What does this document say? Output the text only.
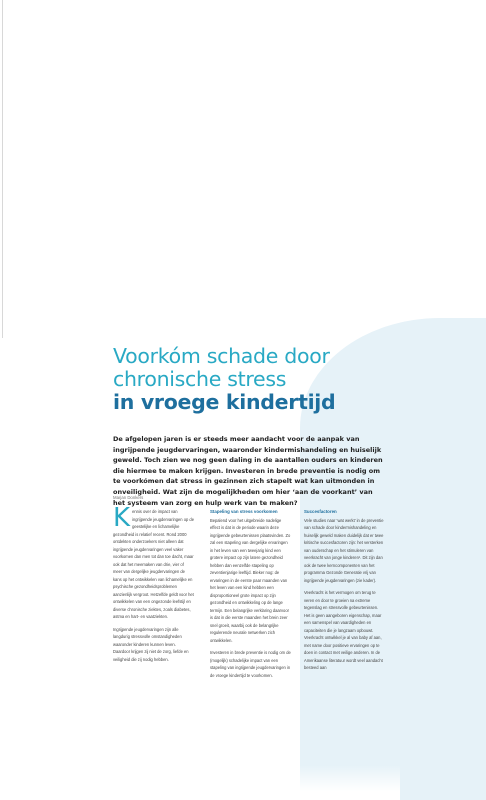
Voorkóm schade door
chronische stress
in vroege kindertijd

De afgelopen jaren is er steeds meer aandacht voor de aanpak van ingrijpende jeugdervaringen, waaronder kindermishandeling en huiselijk geweld. Toch zien we nog geen daling in de aantallen ouders en kinderen die hiermee te maken krijgen. Investeren in brede preventie is nodig om te voorkómen dat stress in gezinnen zich stapelt wat kan uitmonden in onveiligheid. Wat zijn de mogelijkheden om hier ‘aan de voorkant’ van het systeem van zorg en hulp werk van te maken?

Marjan Donkers

Kennis over de impact van ingrijpende jeugdervaringen op de geestelijke en lichamelijke gezondheid is relatief recent. Rond 2000 ontdekten onderzoekers niet alleen dat ingrijpende jeugdervaringen veel vaker voorkomen dan men tot dan toe dacht, maar ook dat het meemaken van drie, vier of meer van dergelijke jeugdervaringen de kans op het ontwikkelen van lichamelijke en psychische gezondheidsproblemen aanzienlijk vergroot. Hetzelfde geldt voor het ontwikkelen van een ongezonde leefstijl en diverse chronische ziektes, zoals diabetes, astma en hart- en vaatziekten.

Ingrijpende jeugdervaringen zijn alle langdurig stressvolle omstandigheden waaronder kinderen kunnen leven. Daardoor krijgen zij niet de zorg, liefde en veiligheid die zij nodig hebben.

Stapeling van stress voorkomen

Bepalend voor het uitgebreide nadelige effect is dat in de periode waarin deze ingrijpende gebeurtenissen plaatsvinden. Zo zal een stapeling van dergelijke ervaringen in het leven van een tweejarig kind een grotere impact op zijn latere gezondheid hebben dan eenzelfde stapeling op zeventienjarige leeftijd. Bleker nog: de ervaringen in de eerste paar maanden van het leven van een kind hebben een disproportioneel grote impact op zijn gezondheid en ontwikkeling op de lange termijn. Een belangrijke verklaring daarvoor is dat in die eerste maanden het brein zeer snel groeit, waarbij ook de belangrijke regulerende neurale netwerken zich ontwikkelen.

Investeren in brede preventie is nodig om de (mogelijk) schadelijke impact van een stapeling van ingrijpende jeugdervaringen in de vroege kindertijd te voorkomen.

Succesfactoren

Vele studies naar ‘wat werkt’ in de preventie van schade door kindermishandeling en huiselijk geweld maken duidelijk dat er twee kritische succesfactoren zijn: het versterken van ouderschap en het stimuleren van veerkracht van jonge kinderen¹. Dit zijn dan ook de twee kerncomponenten van het programma Gezonde Generatie vrij van ingrijpende jeugdervaringen (zie kader).

Veerkracht is het vermogen om terug te veren en door te groeien na extreme tegenslag en stressvolle gebeurtenissen. Het is geen aangeboren eigenschap, maar een samenspel van vaardigheden en capaciteiten die je langzaam opbouwt. Veerkracht ontwikkel je al van baby af aan, met name door positieve ervaringen op te doen in contact met veilige anderen. In de Amerikaanse literatuur wordt veel aandacht besteed aan
